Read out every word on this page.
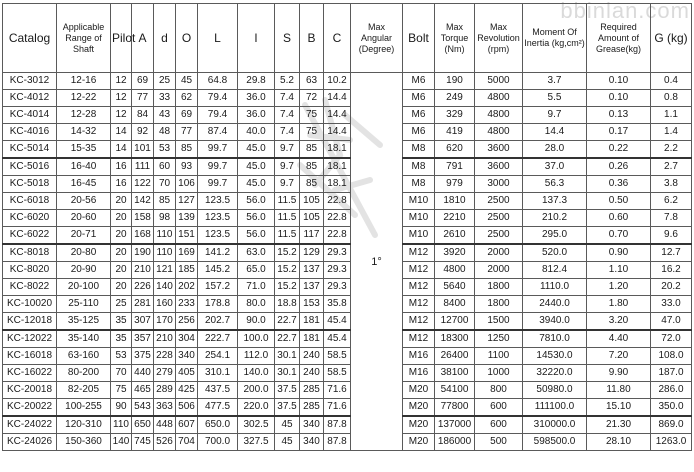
bbinlan.com
Catalog	Applicable Range of Shaft	Pilot	A	d	O	L	l	S	B	C	Max Angular (Degree)	Bolt	Max Torque (Nm)	Max Revolution (rpm)	Moment Of Inertia (kg,cm²)	Required Amount of Grease(kg)	G (kg)
KC-3012	12-16	12	69	25	45	64.8	29.8	5.2	63	10.2	1°	M6	190	5000	3.7	0.10	0.4
KC-4012	12-22	12	77	33	62	79.4	36.0	7.4	72	14.4		M6	249	4800	5.5	0.10	0.8
KC-4014	12-28	12	84	43	69	79.4	36.0	7.4	75	14.4		M6	329	4800	9.7	0.13	1.1
KC-4016	14-32	14	92	48	77	87.4	40.0	7.4	75	14.4		M6	419	4800	14.4	0.17	1.4
KC-5014	15-35	14	101	53	85	99.7	45.0	9.7	85	18.1		M8	620	3600	28.0	0.22	2.2
KC-5016	16-40	16	111	60	93	99.7	45.0	9.7	85	18.1		M8	791	3600	37.0	0.26	2.7
KC-5018	16-45	16	122	70	106	99.7	45.0	9.7	85	18.1		M8	979	3000	56.3	0.36	3.8
KC-6018	20-56	20	142	85	127	123.5	56.0	11.5	105	22.8		M10	1810	2500	137.3	0.50	6.2
KC-6020	20-60	20	158	98	139	123.5	56.0	11.5	105	22.8		M10	2210	2500	210.2	0.60	7.8
KC-6022	20-71	20	168	110	151	123.5	56.0	11.5	117	22.8		M10	2610	2500	295.0	0.70	9.6
KC-8018	20-80	20	190	110	169	141.2	63.0	15.2	129	29.3		M12	3920	2000	520.0	0.90	12.7
KC-8020	20-90	20	210	121	185	145.2	65.0	15.2	137	29.3		M12	4800	2000	812.4	1.10	16.2
KC-8022	20-100	20	226	140	202	157.2	71.0	15.2	137	29.3		M12	5640	1800	1110.0	1.20	20.2
KC-10020	25-110	25	281	160	233	178.8	80.0	18.8	153	35.8		M12	8400	1800	2440.0	1.80	33.0
KC-12018	35-125	35	307	170	256	202.7	90.0	22.7	181	45.4		M12	12700	1500	3940.0	3.20	47.0
KC-12022	35-140	35	357	210	304	222.7	100.0	22.7	181	45.4		M12	18300	1250	7810.0	4.40	72.0
KC-16018	63-160	53	375	228	340	254.1	112.0	30.1	240	58.5		M16	26400	1100	14530.0	7.20	108.0
KC-16022	80-200	70	440	279	405	310.1	140.0	30.1	240	58.5		M16	38100	1000	32220.0	9.90	187.0
KC-20018	82-205	75	465	289	425	437.5	200.0	37.5	285	71.6		M20	54100	800	50980.0	11.80	286.0
KC-20022	100-255	90	543	363	506	477.5	220.0	37.5	285	71.6		M20	77800	600	111100.0	15.10	350.0
KC-24022	120-310	110	650	448	607	650.0	302.5	45	340	87.8		M20	137000	600	310000.0	21.30	869.0
KC-24026	150-360	140	745	526	704	700.0	327.5	45	340	87.8		M20	186000	500	598500.0	28.10	1263.0
